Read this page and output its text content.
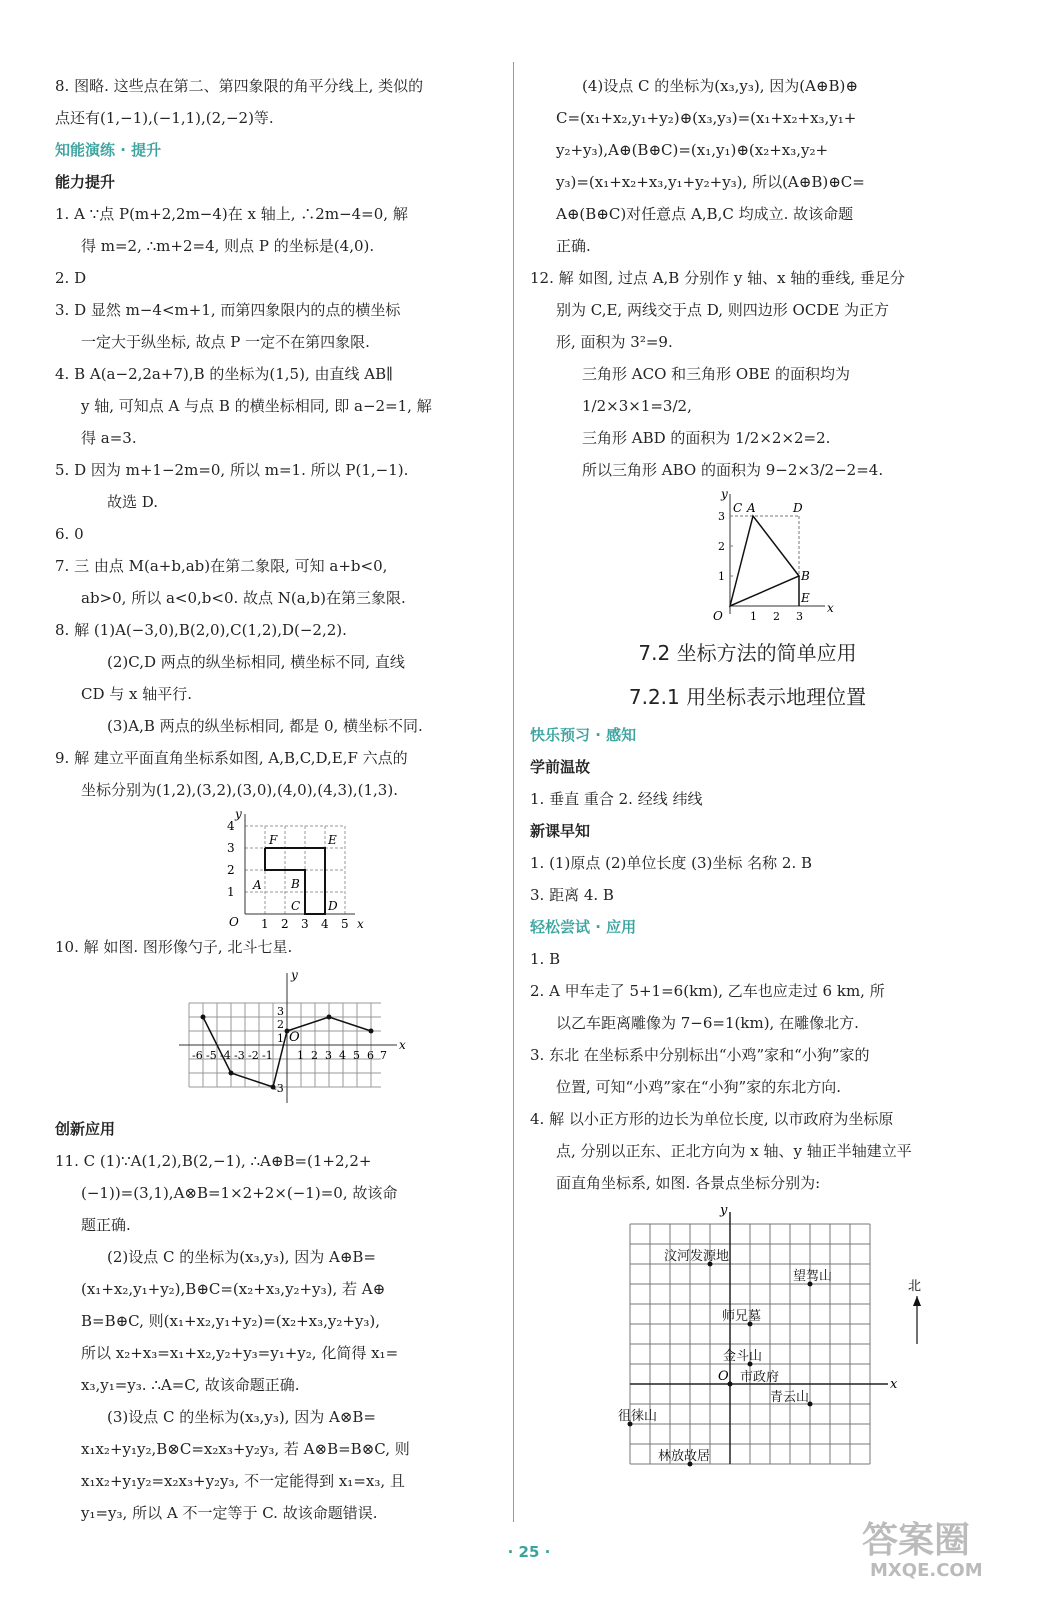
8. 图略. 这些点在第二、第四象限的角平分线上, 类似的
点还有(1,−1),(−1,1),(2,−2)等.
知能演练 · 提升
能力提升
1. A ∵点 P(m+2,2m−4)在 x 轴上, ∴2m−4=0, 解
得 m=2, ∴m+2=4, 则点 P 的坐标是(4,0).
2. D
3. D 显然 m−4<m+1, 而第四象限内的点的横坐标
一定大于纵坐标, 故点 P 一定不在第四象限.
4. B A(a−2,2a+7),B 的坐标为(1,5), 由直线 AB∥
y 轴, 可知点 A 与点 B 的横坐标相同, 即 a−2=1, 解
得 a=3.
5. D 因为 m+1−2m=0, 所以 m=1. 所以 P(1,−1).
故选 D.
6. 0
7. 三 由点 M(a+b,ab)在第二象限, 可知 a+b<0,
ab>0, 所以 a<0,b<0. 故点 N(a,b)在第三象限.
8. 解 (1)A(−3,0),B(2,0),C(1,2),D(−2,2).
(2)C,D 两点的纵坐标相同, 横坐标不同, 直线
CD 与 x 轴平行.
(3)A,B 两点的纵坐标相同, 都是 0, 横坐标不同.
9. 解 建立平面直角坐标系如图, A,B,C,D,E,F 六点的
坐标分别为(1,2),(3,2),(3,0),(4,0),(4,3),(1,3).
4
3
2
1
1 2 3 4 5
O	x
y
A B
C D
E
F
10. 解 如图. 图形像勺子, 北斗七星.
y
x
O
3
2
1
-3
-6 -5 -4 -3 -2 -1 1 2 3 4 5 6 7
创新应用
11. C (1)∵A(1,2),B(2,−1), ∴A⊕B=(1+2,2+
(−1))=(3,1),A⊗B=1×2+2×(−1)=0, 故该命
题正确.
(2)设点 C 的坐标为(x₃,y₃), 因为 A⊕B=
(x₁+x₂,y₁+y₂),B⊕C=(x₂+x₃,y₂+y₃), 若 A⊕
B=B⊕C, 则(x₁+x₂,y₁+y₂)=(x₂+x₃,y₂+y₃),
所以 x₂+x₃=x₁+x₂,y₂+y₃=y₁+y₂, 化简得 x₁=
x₃,y₁=y₃. ∴A=C, 故该命题正确.
(3)设点 C 的坐标为(x₃,y₃), 因为 A⊗B=
x₁x₂+y₁y₂,B⊗C=x₂x₃+y₂y₃, 若 A⊗B=B⊗C, 则
x₁x₂+y₁y₂=x₂x₃+y₂y₃, 不一定能得到 x₁=x₃, 且
y₁=y₃, 所以 A 不一定等于 C. 故该命题错误.
(4)设点 C 的坐标为(x₃,y₃), 因为(A⊕B)⊕
C=(x₁+x₂,y₁+y₂)⊕(x₃,y₃)=(x₁+x₂+x₃,y₁+
y₂+y₃),A⊕(B⊕C)=(x₁,y₁)⊕(x₂+x₃,y₂+
y₃)=(x₁+x₂+x₃,y₁+y₂+y₃), 所以(A⊕B)⊕C=
A⊕(B⊕C)对任意点 A,B,C 均成立. 故该命题
正确.
12. 解 如图, 过点 A,B 分别作 y 轴、x 轴的垂线, 垂足分
别为 C,E, 两线交于点 D, 则四边形 OCDE 为正方
形, 面积为 3²=9.
三角形 ACO 和三角形 OBE 的面积均为
1/2×3×1=3/2,
三角形 ABD 的面积为 1/2×2×2=2.
所以三角形 ABO 的面积为 9−2×3/2−2=4.
y
x
O
C A	D
B
E
3
2
1
1 2 3
7.2 坐标方法的简单应用
7.2.1 用坐标表示地理位置
快乐预习 · 感知
学前温故
1. 垂直 重合 2. 经线 纬线
新课早知
1. (1)原点 (2)单位长度 (3)坐标 名称 2. B
3. 距离 4. B
轻松尝试 · 应用
1. B
2. A 甲车走了 5+1=6(km), 乙车也应走过 6 km, 所
以乙车距离雕像为 7−6=1(km), 在雕像北方.
3. 东北 在坐标系中分别标出“小鸡”家和“小狗”家的
位置, 可知“小鸡”家在“小狗”家的东北方向.
4. 解 以小正方形的边长为单位长度, 以市政府为坐标原
点, 分别以正东、正北方向为 x 轴、y 轴正半轴建立平
面直角坐标系, 如图. 各景点坐标分别为:
汶河发源地
望驾山
师兄墓
金斗山
市政府
青云山
徂徕山
林放故居
O
x
y
北
· 25 ·	答案圈
MXQE.COM
